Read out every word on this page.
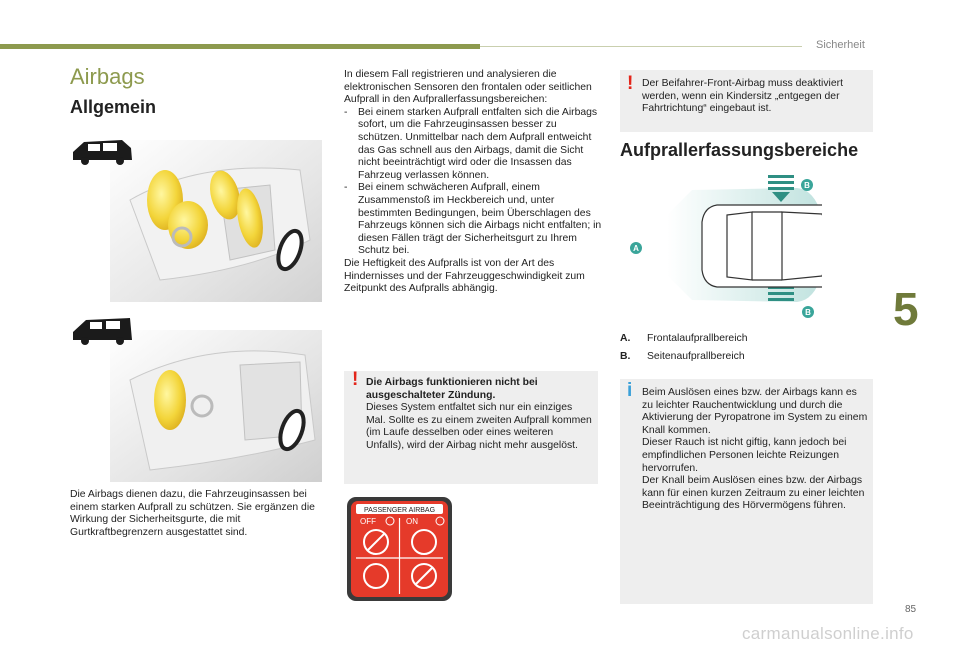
Sicherheit
5
85
carmanualsonline.info
Airbags
Allgemein
Die Airbags dienen dazu, die Fahrzeuginsassen bei einem starken Aufprall zu schützen. Sie ergänzen die Wirkung der Sicherheitsgurte, die mit Gurtkraftbegrenzern ausgestattet sind.

In diesem Fall registrieren und analysieren die elektronischen Sensoren den frontalen oder seitlichen Aufprall in den Aufprallerfassungsbereichen:

-	Bei einem starken Aufprall entfalten sich die Airbags sofort, um die Fahrzeuginsassen besser zu schützen. Unmittelbar nach dem Aufprall entweicht das Gas schnell aus den Airbags, damit die Sicht nicht beeinträchtigt wird oder die Insassen das Fahrzeug verlassen können.
-	Bei einem schwächeren Aufprall, einem Zusammenstoß im Heckbereich und, unter bestimmten Bedingungen, beim Überschlagen des Fahrzeugs können sich die Airbags nicht entfalten; in diesen Fällen trägt der Sicherheitsgurt zu Ihrem Schutz bei.

Die Heftigkeit des Aufpralls ist von der Art des Hindernisses und der Fahrzeuggeschwindigkeit zum Zeitpunkt des Aufpralls abhängig.

! Die Airbags funktionieren nicht bei ausgeschalteter Zündung.
Dieses System entfaltet sich nur ein einziges Mal. Sollte es zu einem zweiten Aufprall kommen (im Laufe desselben oder eines weiteren Unfalls), wird der Airbag nicht mehr ausgelöst.
PASSENGER AIRBAG
OFF	ON
! Der Beifahrer-Front-Airbag muss deaktiviert werden, wenn ein Kindersitz „entgegen der Fahrtrichtung“ eingebaut ist.
Aufprallerfassungsbereiche
B
B
A
A.	Frontalaufprallbereich
B.	Seitenaufprallbereich
i Beim Auslösen eines bzw. der Airbags kann es zu leichter Rauchentwicklung und durch die Aktivierung der Pyropatrone im System zu einem Knall kommen.
Dieser Rauch ist nicht giftig, kann jedoch bei empfindlichen Personen leichte Reizungen hervorrufen.
Der Knall beim Auslösen eines bzw. der Airbags kann für einen kurzen Zeitraum zu einer leichten Beeinträchtigung des Hörvermögens führen.
